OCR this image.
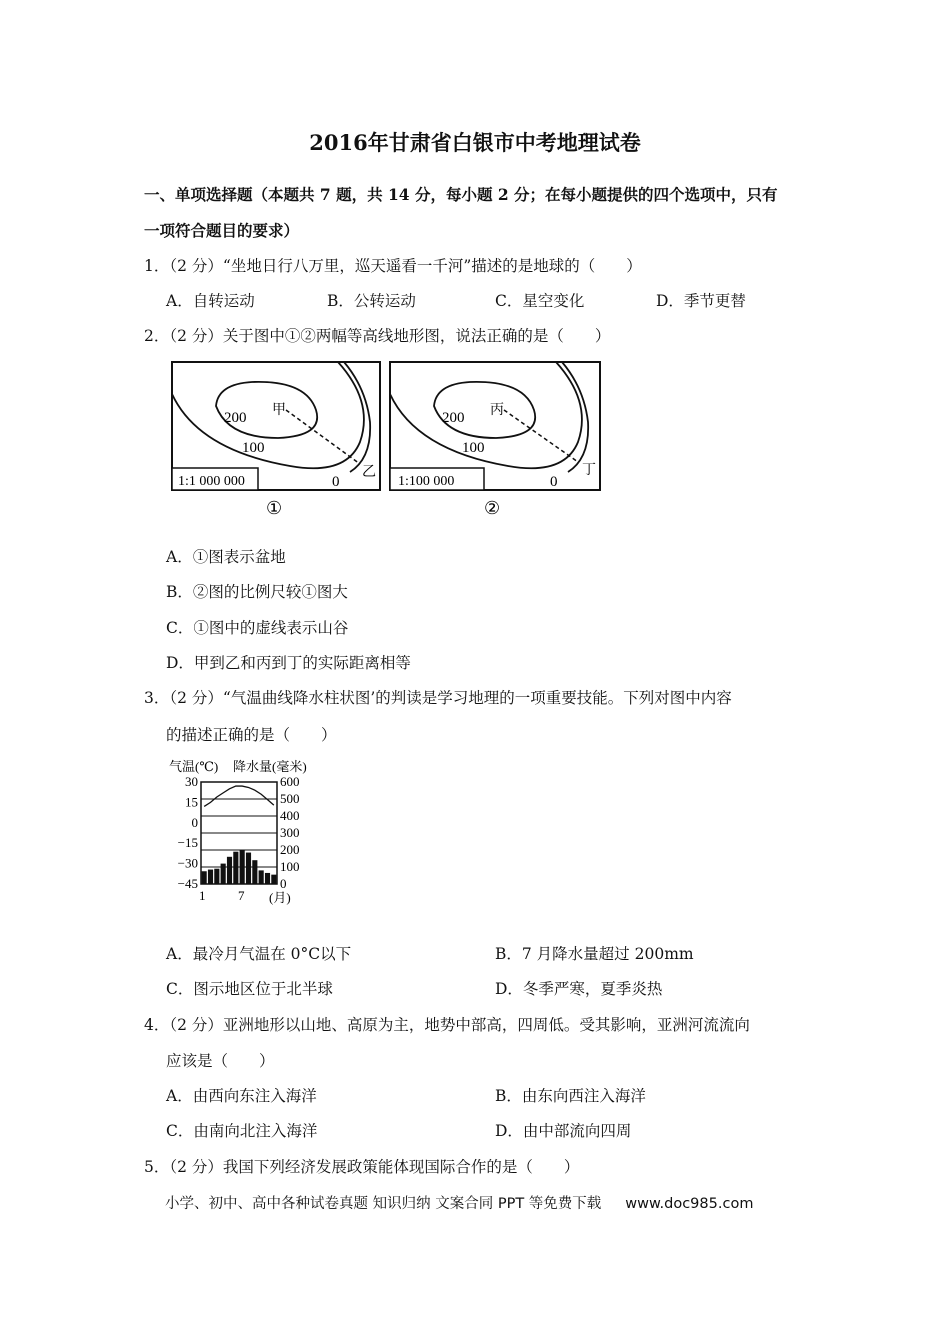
2016年甘肃省白银市中考地理试卷
一、单项选择题（本题共 7 题，共 14 分，每小题 2 分；在每小题提供的四个选项中，只有
一项符合题目的要求）
1．（2 分）“坐地日行八万里，巡天遥看一千河”描述的是地球的（　　）
A．自转运动	B．公转运动	C．星空变化	D．季节更替
2．（2 分）关于图中①②两幅等高线地形图，说法正确的是（　　）
1:1 000 000
200
100
0
甲
乙
①
1:100 000
200
100
0
丙
丁
②
A．①图表示盆地
B．②图的比例尺较①图大
C．①图中的虚线表示山谷
D．甲到乙和丙到丁的实际距离相等
3．（2 分）“气温曲线降水柱状图’的判读是学习地理的一项重要技能。下列对图中内容
的描述正确的是（　　）
气温(℃) 降水量(毫米)
30
15
0
−15
−30
−45
600
500
400
300
200
100
0
1	7 (月)
A．最冷月气温在 0°C以下	B．7 月降水量超过 200mm
C．图示地区位于北半球	D．冬季严寒，夏季炎热
4．（2 分）亚洲地形以山地、高原为主，地势中部高，四周低。受其影响，亚洲河流流向
应该是（　　）
A．由西向东注入海洋	B．由东向西注入海洋
C．由南向北注入海洋	D．由中部流向四周
5．（2 分）我国下列经济发展政策能体现国际合作的是（　　）
小学、初中、高中各种试卷真题 知识归纳 文案合同 PPT 等免费下载 www.doc985.com
